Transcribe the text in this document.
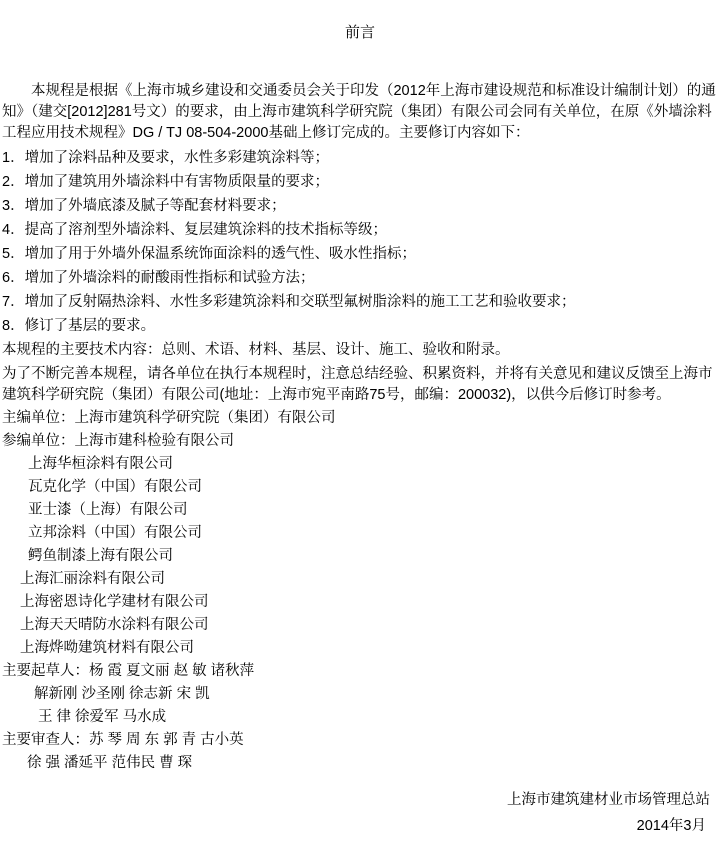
前言

本规程是根据《上海市城乡建设和交通委员会关于印发（2012年上海市建设规范和标准设计编制计划）的通知》（建交[2012]281号文）的要求，由上海市建筑科学研究院（集团）有限公司会同有关单位，在原《外墙涂料工程应用技术规程》DG / TJ 08-504-2000基础上修订完成的。主要修订内容如下：

1．增加了涂料品种及要求，水性多彩建筑涂料等；

2．增加了建筑用外墙涂料中有害物质限量的要求；

3．增加了外墙底漆及腻子等配套材料要求；

4．提高了溶剂型外墙涂料、复层建筑涂料的技术指标等级；

5．增加了用于外墙外保温系统饰面涂料的透气性、吸水性指标；

6．增加了外墙涂料的耐酸雨性指标和试验方法；

7．增加了反射隔热涂料、水性多彩建筑涂料和交联型氟树脂涂料的施工工艺和验收要求；

8．修订了基层的要求。

本规程的主要技术内容：总则、术语、材料、基层、设计、施工、验收和附录。

为了不断完善本规程，请各单位在执行本规程时，注意总结经验、积累资料，并将有关意见和建议反馈至上海市建筑科学研究院（集团）有限公司(地址：上海市宛平南路75号，邮编：200032)，以供今后修订时参考。

主编单位：上海市建筑科学研究院（集团）有限公司

参编单位：上海市建科检验有限公司

上海华桓涂料有限公司

瓦克化学（中国）有限公司

亚士漆（上海）有限公司

立邦涂料（中国）有限公司

鳄鱼制漆上海有限公司

上海汇丽涂料有限公司

上海密恩诗化学建材有限公司

上海天天晴防水涂料有限公司

上海烨呦建筑材料有限公司

主要起草人：杨 霞 夏文丽 赵 敏 诸秋萍

解新刚 沙圣刚 徐志新 宋 凯

王 律 徐爱军 马水成

主要审查人：苏 琴 周 东 郭 青 古小英

徐 强 潘延平 范伟民 曹 琛

上海市建筑建材业市场管理总站

2014年3月
